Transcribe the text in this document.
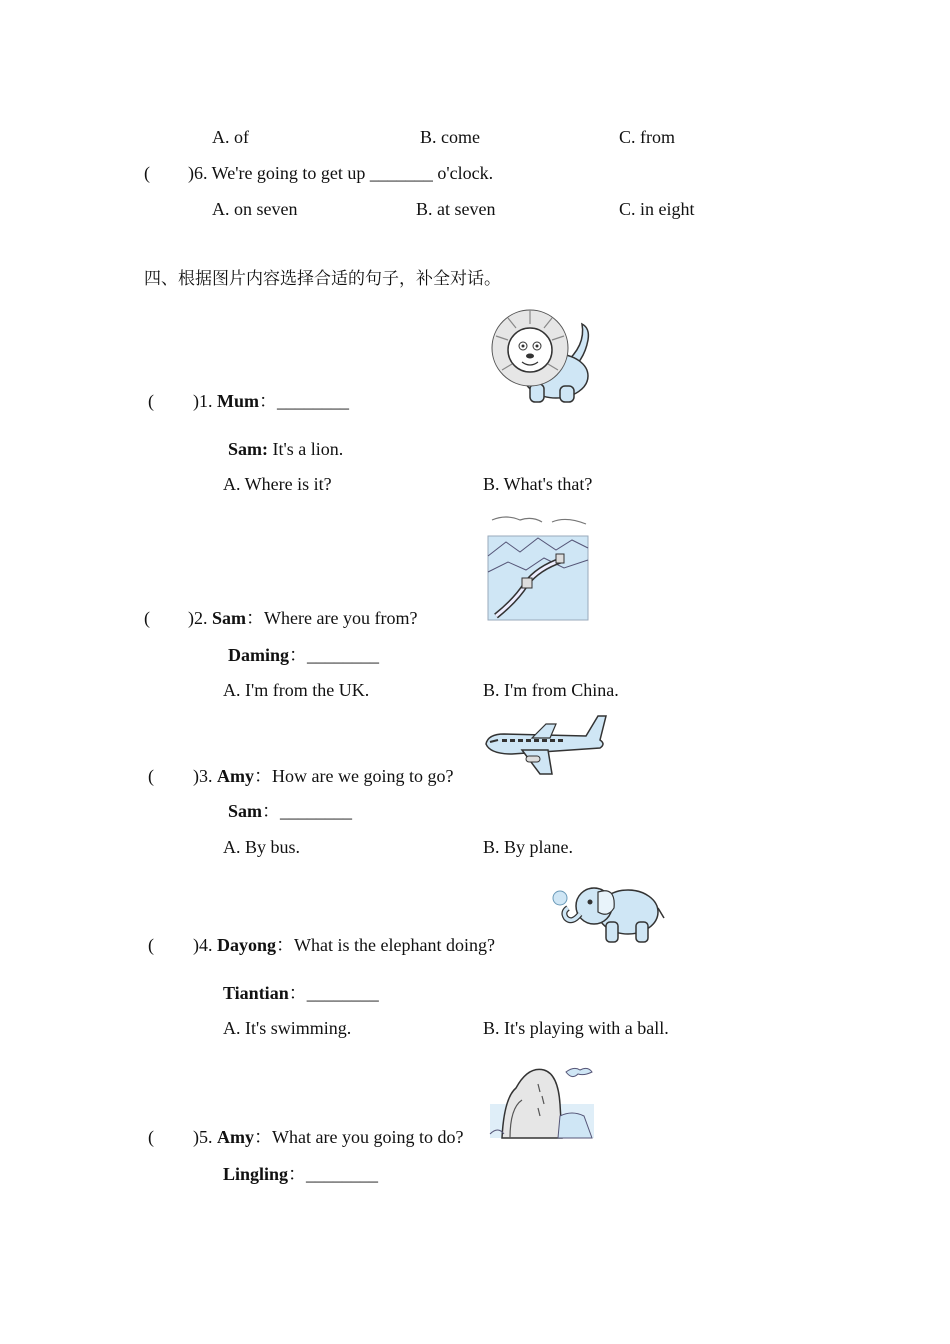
A. of	B. come	C. from
( )6. We're going to get up _______ o'clock.
A. on seven	B. at seven	C. in eight
四、根据图片内容选择合适的句子，补全对话。
( )1. Mum：________
Sam: It's a lion.
A. Where is it?	B. What's that?
( )2. Sam：Where are you from?
Daming：________
A. I'm from the UK.	B. I'm from China.
( )3. Amy：How are we going to go?
Sam：________
A. By bus.	B. By plane.
( )4. Dayong：What is the elephant doing?
Tiantian：________
A. It's swimming.	B. It's playing with a ball.
( )5. Amy：What are you going to do?
Lingling：________
